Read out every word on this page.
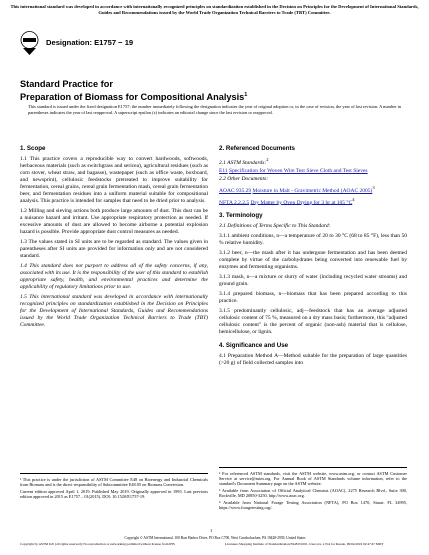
This international standard was developed in accordance with internationally recognized principles on standardization established in the Decision on Principles for the Development of International Standards, Guides and Recommendations issued by the World Trade Organization Technical Barriers to Trade (TBT) Committee.
Designation: E1757 − 19
Standard Practice for
Preparation of Biomass for Compositional Analysis$^1$
This standard is issued under the fixed designation E1757; the number immediately following the designation indicates the year of original adoption or, in the case of revision, the year of last revision. A number in parentheses indicates the year of last reapproval. A superscript epsilon (ε) indicates an editorial change since the last revision or reapproval.
1. Scope

1.1 This practice covers a reproducible way to convert hardwoods, softwoods, herbaceous materials (such as switchgrass and sericea), agricultural residues (such as corn stover, wheat straw, and bagasse), wastepaper (such as office waste, boxboard, and newsprint), cellulosic feedstocks pretreated to improve suitability for fermentation, cereal grains, cereal grain fermentation mash, cereal grain fermentation beer, and fermentation residues into a uniform material suitable for compositional analysis. This practice is intended for samples that need to be dried prior to analysis.

1.2 Milling and sieving actions both produce large amounts of dust. This dust can be a nuisance hazard and irritant. Use appropriate respiratory protection as needed. If excessive amounts of dust are allowed to become airborne a potential explosion hazard is possible. Provide appropriate dust control measures as needed.

1.3 The values stated in SI units are to be regarded as standard. The values given in parentheses after SI units are provided for information only and are not considered standard.

1.4 This standard does not purport to address all of the safety concerns, if any, associated with its use. It is the responsibility of the user of this standard to establish appropriate safety, health, and environmental practices and determine the applicability of regulatory limitations prior to use.

1.5 This international standard was developed in accordance with internationally recognized principles on standardization established in the Decision on Principles for the Development of International Standards, Guides and Recommendations issued by the World Trade Organization Technical Barriers to Trade (TBT) Committee.

¹ This practice is under the jurisdiction of ASTM Committee E48 on Bioenergy and Industrial Chemicals from Biomass and is the direct responsibility of Subcommittee E48.05 on Biomass Conversion.

Current edition approved April 1, 2019. Published May 2019. Originally approved in 1995. Last previous edition approved in 2015 as E1757 – 01(2015). DOI: 10.1520/E1757-19.

2. Referenced Documents

2.1 ASTM Standards:$^2$

E11 Specification for Woven Wire Test Sieve Cloth and Test Sieves

2.2 Other Documents:

AOAC 935.29 Moisture in Malt - Gravimetric Method (AOAC 2005)$^3$

NFTA 2.2.2.5 Dry Matter by Oven Drying for 3 hr at 105 $^\circ C^4$

3. Terminology

3.1 Definitions of Terms Specific to This Standard:

3.1.1 ambient conditions, n—a temperature of 20 to 30 °C (68 to 85 °F), less than 50 % relative humidity.

3.1.2 beer, n—the mash after it has undergone fermentation and has been deemed complete by virtue of the carbohydrates being converted into renewable fuel by enzymes and fermenting organisms.

3.1.3 mash, n—a mixture or slurry of water (including recycled water streams) and ground grain.

3.1.4 prepared biomass, n—biomass that has been prepared according to this practice.

3.1.5 predominantly cellulosic, adj—feedstock that has an average adjusted cellulosic content of 75 %, measured on a dry mass basis; furthermore, this "adjusted cellulosic content" is the percent of organic (non-ash) material that is cellulose, hemicellulose, or lignin.

4. Significance and Use

4.1 Preparation Method A—Method suitable for the preparation of large quantities (>20 g) of field collected samples into

² For referenced ASTM standards, visit the ASTM website, www.astm.org, or contact ASTM Customer Service at service@astm.org. For Annual Book of ASTM Standards volume information, refer to the standard's Document Summary page on the ASTM website.

³ Available from Association of Official Analytical Chemists (AOAC), 2275 Research Blvd., Suite 300, Rockville, MD 20850-3250, http://www.aoac.org.

⁴ Available from National Forage Testing Association (NFTA), PO Box 1470, Stuart, FL 34995, https://www.foragetesting.org/.

1
Copyright © ASTM International, 100 Barr Harbor Drive, PO Box C700, West Conshohocken, PA 19428-2959, United States
Copyright by ASTM Int'l (all rights reserved); No reproduction or networking permitted without license from IHS	Licensee=Shopping Institute of Standardization/5948151001, User=xx, x Not for Resale, 09/04/2019 02:47:47 MDT
